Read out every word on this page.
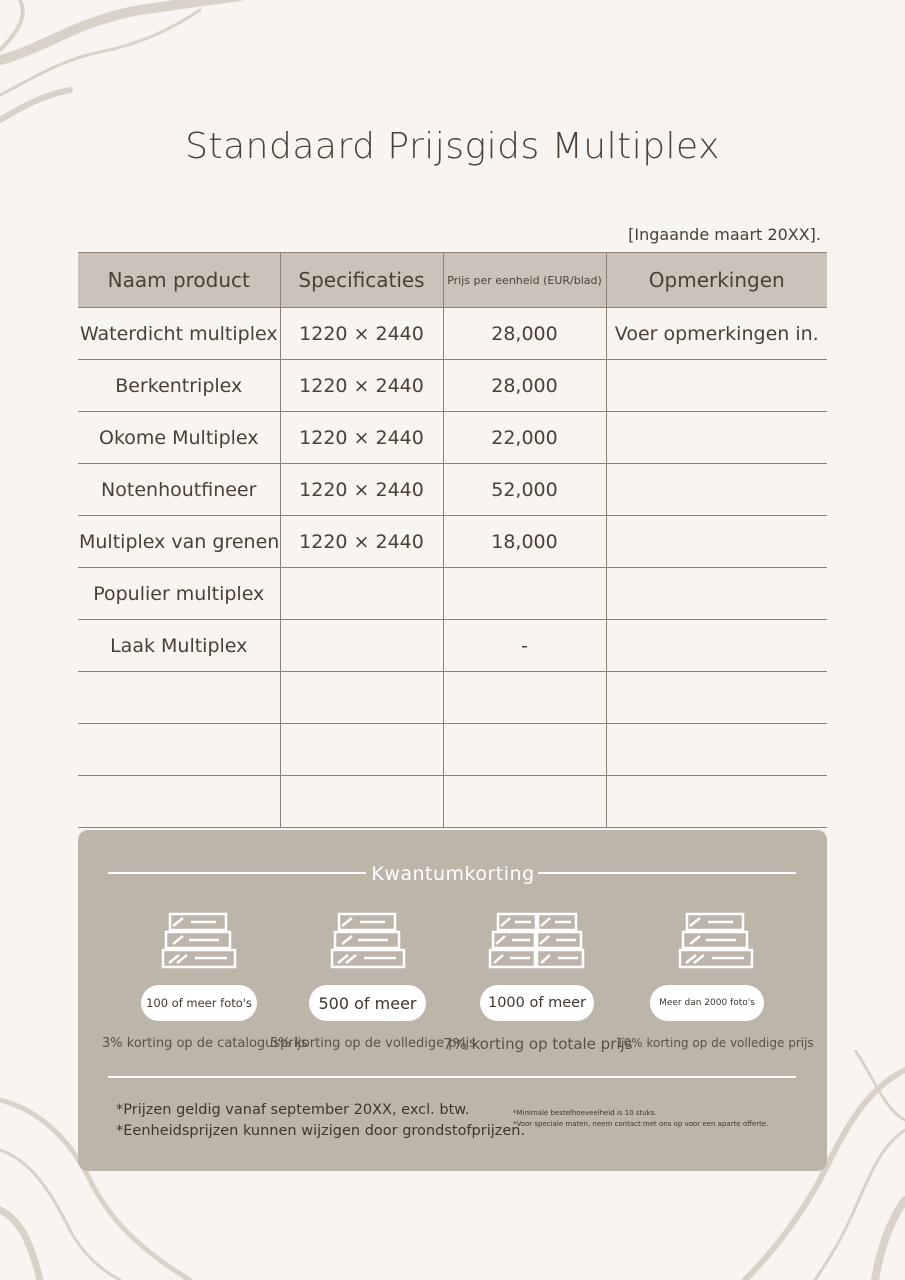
Standaard Prijsgids Multiplex
[Ingaande maart 20XX].
Naam product	Specificaties	Prijs per eenheid (EUR/blad)	Opmerkingen
Waterdicht multiplex	1220 × 2440	28,000	Voer opmerkingen in.
Berkentriplex	1220 × 2440	28,000	
Okome Multiplex	1220 × 2440	22,000	
Notenhoutfineer	1220 × 2440	52,000	
Multiplex van grenen	1220 × 2440	18,000	
Populier multiplex			
Laak Multiplex		-	

Kwantumkorting
100 of meer foto's	500 of meer	1000 of meer	Meer dan 2000 foto's
3% korting op de catalogusprijs
5% korting op de volledige prijs
7% korting op totale prijs
10% korting op de volledige prijs
*Prijzen geldig vanaf september 20XX, excl. btw.
*Eenheidsprijzen kunnen wijzigen door grondstofprijzen.
*Minimale bestelhoeveelheid is 10 stuks.
*Voor speciale maten, neem contact met ons op voor een aparte offerte.
